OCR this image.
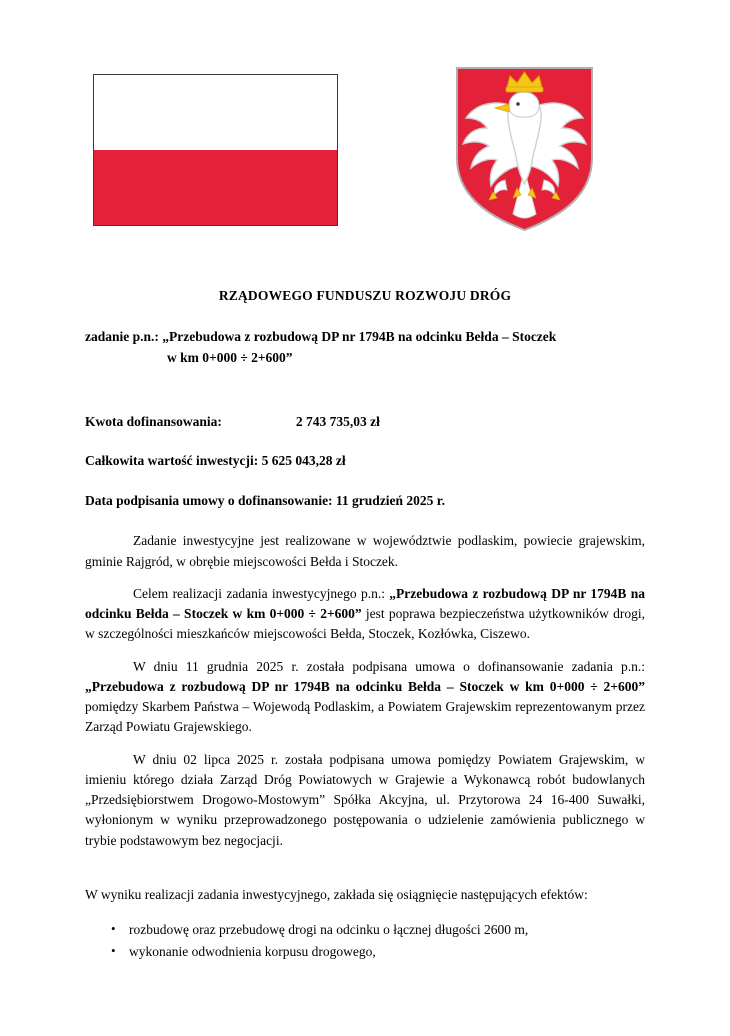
RZĄDOWEGO FUNDUSZU ROZWOJU DRÓG
zadanie p.n.: „Przebudowa z rozbudową DP nr 1794B na odcinku Bełda – Stoczek
w km 0+000 ÷ 2+600”
Kwota dofinansowania:	2 743 735,03 zł
Całkowita wartość inwestycji: 5 625 043,28 zł
Data podpisania umowy o dofinansowanie: 11 grudzień 2025 r.

Zadanie inwestycyjne jest realizowane w województwie podlaskim, powiecie grajewskim, gminie Rajgród, w obrębie miejscowości Bełda i Stoczek.

Celem realizacji zadania inwestycyjnego p.n.: „Przebudowa z rozbudową DP nr 1794B na odcinku Bełda – Stoczek w km 0+000 ÷ 2+600” jest poprawa bezpieczeństwa użytkowników drogi, w szczególności mieszkańców miejscowości Bełda, Stoczek, Kozłówka, Ciszewo.

W dniu 11 grudnia 2025 r. została podpisana umowa o dofinansowanie zadania p.n.: „Przebudowa z rozbudową DP nr 1794B na odcinku Bełda – Stoczek w km 0+000 ÷ 2+600” pomiędzy Skarbem Państwa – Wojewodą Podlaskim, a Powiatem Grajewskim reprezentowanym przez Zarząd Powiatu Grajewskiego.

W dniu 02 lipca 2025 r. została podpisana umowa pomiędzy Powiatem Grajewskim, w imieniu którego działa Zarząd Dróg Powiatowych w Grajewie a Wykonawcą robót budowlanych „Przedsiębiorstwem Drogowo-Mostowym” Spółka Akcyjna, ul. Przytorowa 24 16-400 Suwałki, wyłonionym w wyniku przeprowadzonego postępowania o udzielenie zamówienia publicznego w trybie podstawowym bez negocjacji.

W wyniku realizacji zadania inwestycyjnego, zakłada się osiągnięcie następujących efektów:

• rozbudowę oraz przebudowę drogi na odcinku o łącznej długości 2600 m,
• wykonanie odwodnienia korpusu drogowego,
